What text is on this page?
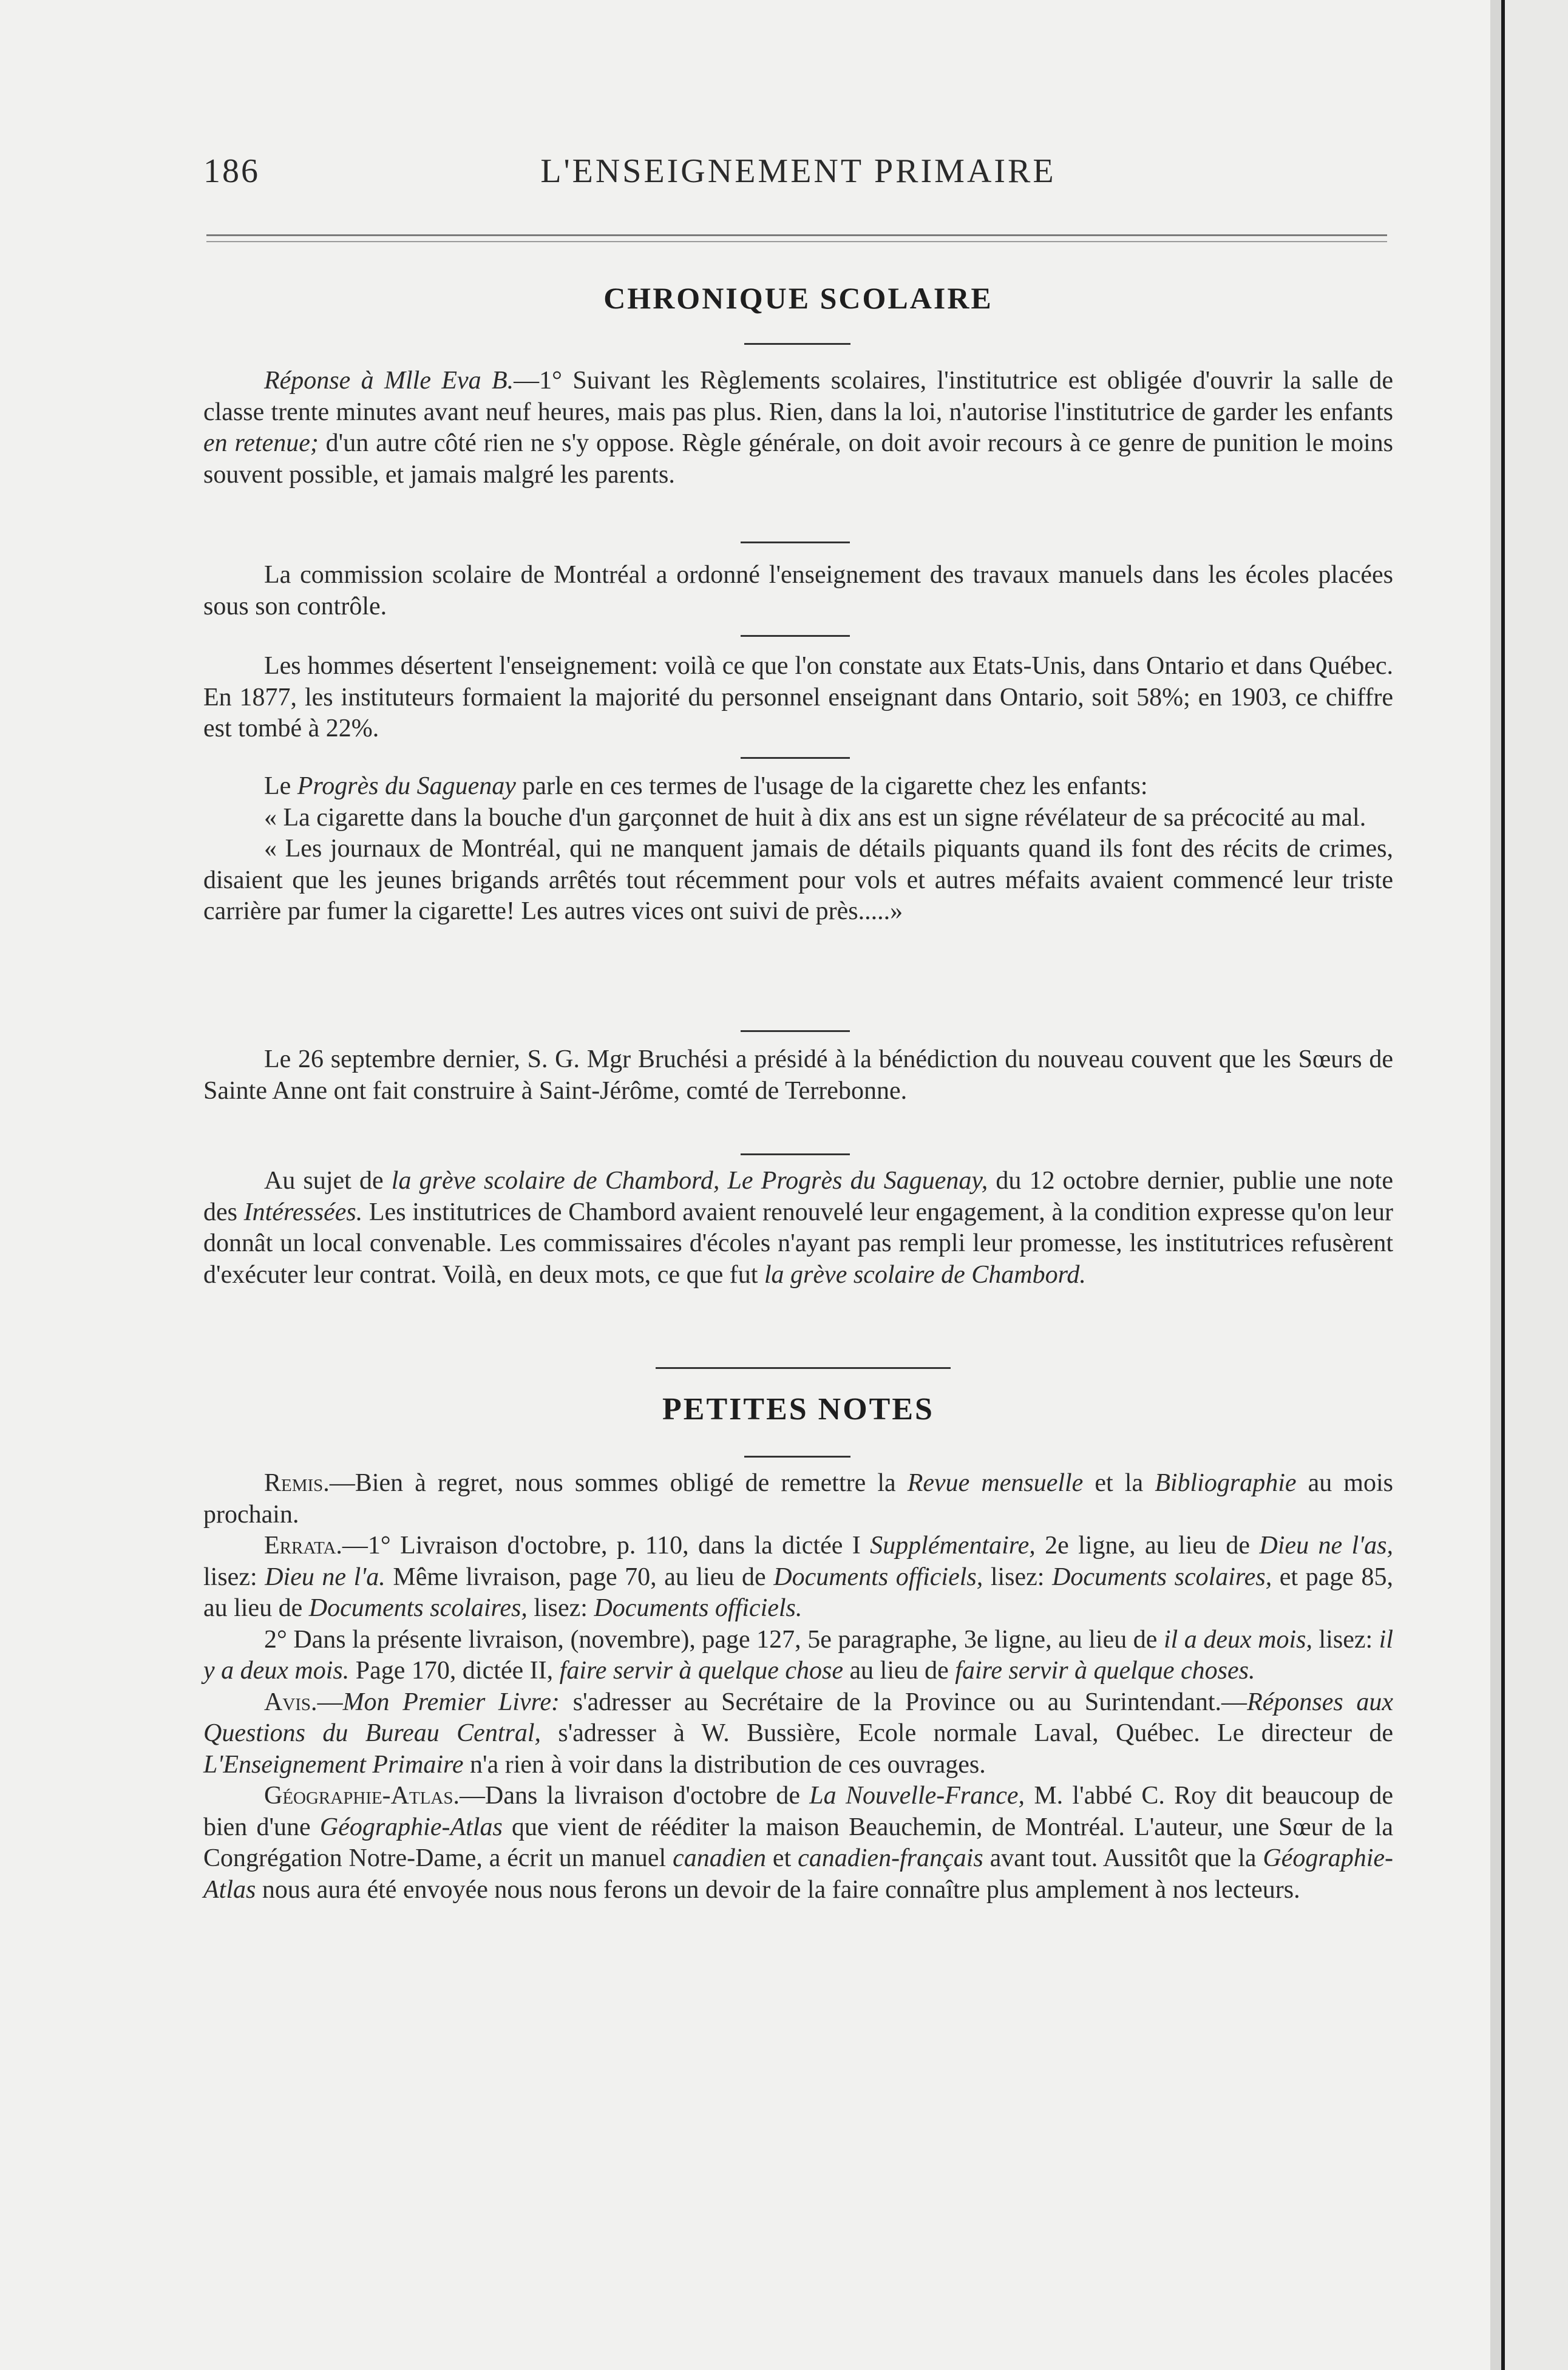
186	L'ENSEIGNEMENT PRIMAIRE
CHRONIQUE SCOLAIRE

Réponse à Mlle Eva B.—1° Suivant les Règlements scolaires, l'institutrice est obligée d'ouvrir la salle de classe trente minutes avant neuf heures, mais pas plus. Rien, dans la loi, n'autorise l'institutrice de garder les enfants en retenue; d'un autre côté rien ne s'y oppose. Règle générale, on doit avoir recours à ce genre de punition le moins souvent possible, et jamais malgré les parents.

La commission scolaire de Montréal a ordonné l'enseignement des travaux manuels dans les écoles placées sous son contrôle.

Les hommes désertent l'enseignement: voilà ce que l'on constate aux Etats-Unis, dans Ontario et dans Québec. En 1877, les instituteurs formaient la majorité du personnel enseignant dans Ontario, soit 58%; en 1903, ce chiffre est tombé à 22%.

Le Progrès du Saguenay parle en ces termes de l'usage de la cigarette chez les enfants:

« La cigarette dans la bouche d'un garçonnet de huit à dix ans est un signe révélateur de sa précocité au mal.

« Les journaux de Montréal, qui ne manquent jamais de détails piquants quand ils font des récits de crimes, disaient que les jeunes brigands arrêtés tout récemment pour vols et autres méfaits avaient commencé leur triste carrière par fumer la cigarette! Les autres vices ont suivi de près.....»

Le 26 septembre dernier, S. G. Mgr Bruchési a présidé à la bénédiction du nouveau couvent que les Sœurs de Sainte Anne ont fait construire à Saint-Jérôme, comté de Terrebonne.

Au sujet de la grève scolaire de Chambord, Le Progrès du Saguenay, du 12 octobre dernier, publie une note des Intéressées. Les institutrices de Chambord avaient renouvelé leur engagement, à la condition expresse qu'on leur donnât un local convenable. Les commissaires d'écoles n'ayant pas rempli leur promesse, les institutrices refusèrent d'exécuter leur contrat. Voilà, en deux mots, ce que fut la grève scolaire de Chambord.

PETITES NOTES

Remis.—Bien à regret, nous sommes obligé de remettre la Revue mensuelle et la Bibliographie au mois prochain.

Errata.—1° Livraison d'octobre, p. 110, dans la dictée I Supplémentaire, 2e ligne, au lieu de Dieu ne l'as, lisez: Dieu ne l'a. Même livraison, page 70, au lieu de Documents officiels, lisez: Documents scolaires, et page 85, au lieu de Documents scolaires, lisez: Documents officiels.

2° Dans la présente livraison, (novembre), page 127, 5e paragraphe, 3e ligne, au lieu de il a deux mois, lisez: il y a deux mois. Page 170, dictée II, faire servir à quelque chose au lieu de faire servir à quelque choses.

Avis.—Mon Premier Livre: s'adresser au Secrétaire de la Province ou au Surintendant.—Réponses aux Questions du Bureau Central, s'adresser à W. Bussière, Ecole normale Laval, Québec. Le directeur de L'Enseignement Primaire n'a rien à voir dans la distribution de ces ouvrages.

Géographie-Atlas.—Dans la livraison d'octobre de La Nouvelle-France, M. l'abbé C. Roy dit beaucoup de bien d'une Géographie-Atlas que vient de rééditer la maison Beauchemin, de Montréal. L'auteur, une Sœur de la Congrégation Notre-Dame, a écrit un manuel canadien et canadien-français avant tout. Aussitôt que la Géographie-Atlas nous aura été envoyée nous nous ferons un devoir de la faire connaître plus amplement à nos lecteurs.
